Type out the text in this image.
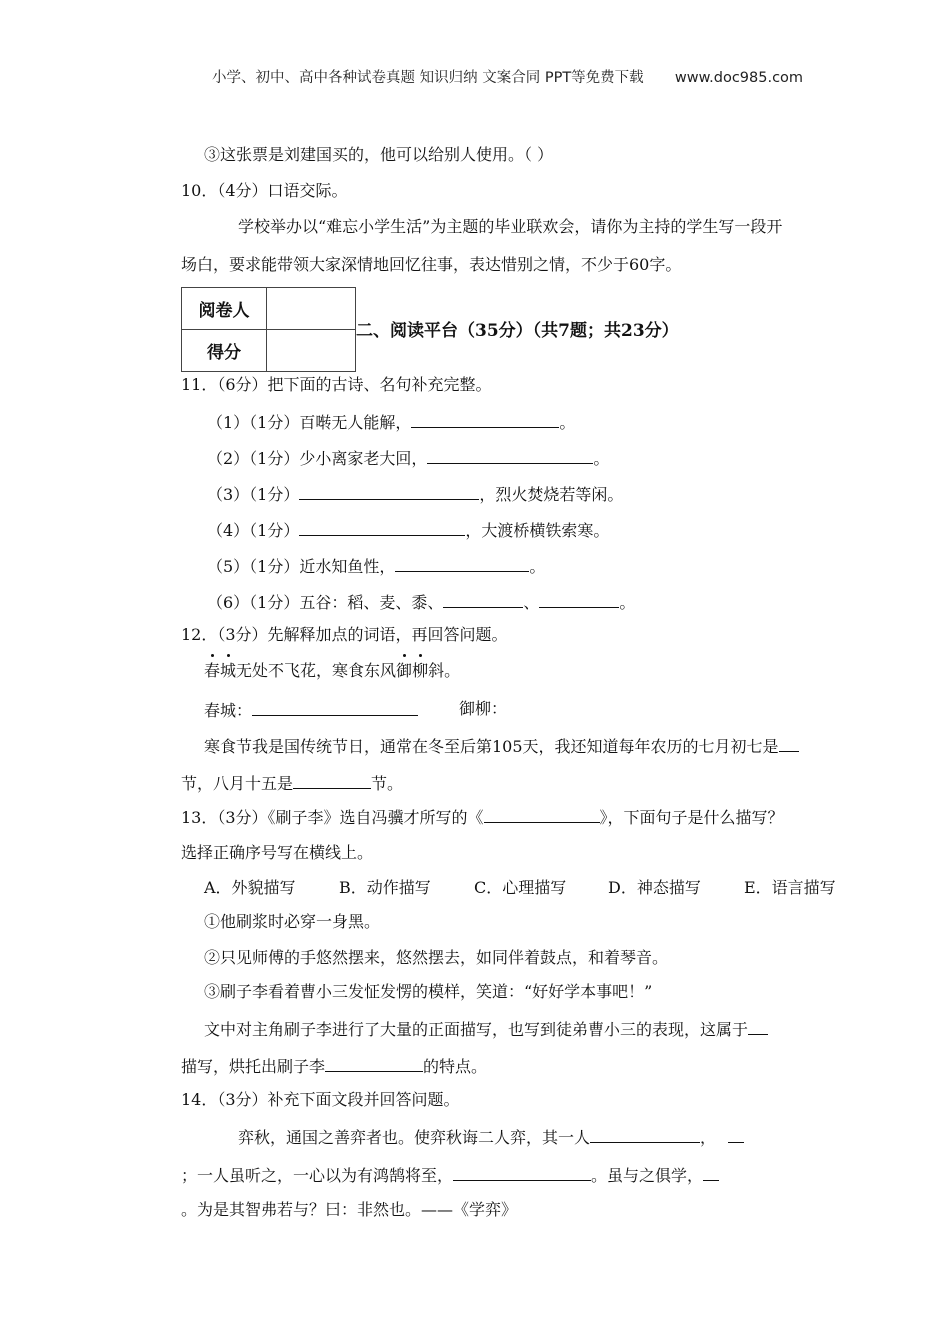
小学、初中、高中各种试卷真题 知识归纳 文案合同 PPT等免费下载 www.doc985.com
③这张票是刘建国买的，他可以给别人使用。（ ）
10．（4分）口语交际。
学校举办以“难忘小学生活”为主题的毕业联欢会，请你为主持的学生写一段开
场白，要求能带领大家深情地回忆往事，表达惜别之情，不少于60字。
阅卷人	
得分	
二、阅读平台（35分）（共7题；共23分）
11．（6分）把下面的古诗、名句补充完整。
（1）（1分）百啭无人能解，	。
（2）（1分）少小离家老大回，	。
（3）（1分）	，烈火焚烧若等闲。
（4）（1分）	，大渡桥横铁索寒。
（5）（1分）近水知鱼性，	。
（6）（1分）五谷：稻、麦、黍、	、	。
12．（3分）先解释加点的词语，再回答问题。
春城无处不飞花，寒食东风御柳斜。
春城：	御柳：
寒食节我是国传统节日，通常在冬至后第105天，我还知道每年农历的七月初七是
节，八月十五是	节。
13．（3分）《刷子李》选自冯骥才所写的《	》，下面句子是什么描写？
选择正确序号写在横线上。
A．外貌描写	B．动作描写	C．心理描写	D．神态描写	E．语言描写
①他刷浆时必穿一身黑。
②只见师傅的手悠然摆来，悠然摆去，如同伴着鼓点，和着琴音。
③刷子李看着曹小三发怔发愣的模样，笑道：“好好学本事吧！”
文中对主角刷子李进行了大量的正面描写，也写到徒弟曹小三的表现，这属于
描写，烘托出刷子李	的特点。
14．（3分）补充下面文段并回答问题。
弈秋，通国之善弈者也。使弈秋诲二人弈，其一人	，
；一人虽听之，一心以为有鸿鹄将至，	。虽与之俱学，
。为是其智弗若与？曰：非然也。——《学弈》
